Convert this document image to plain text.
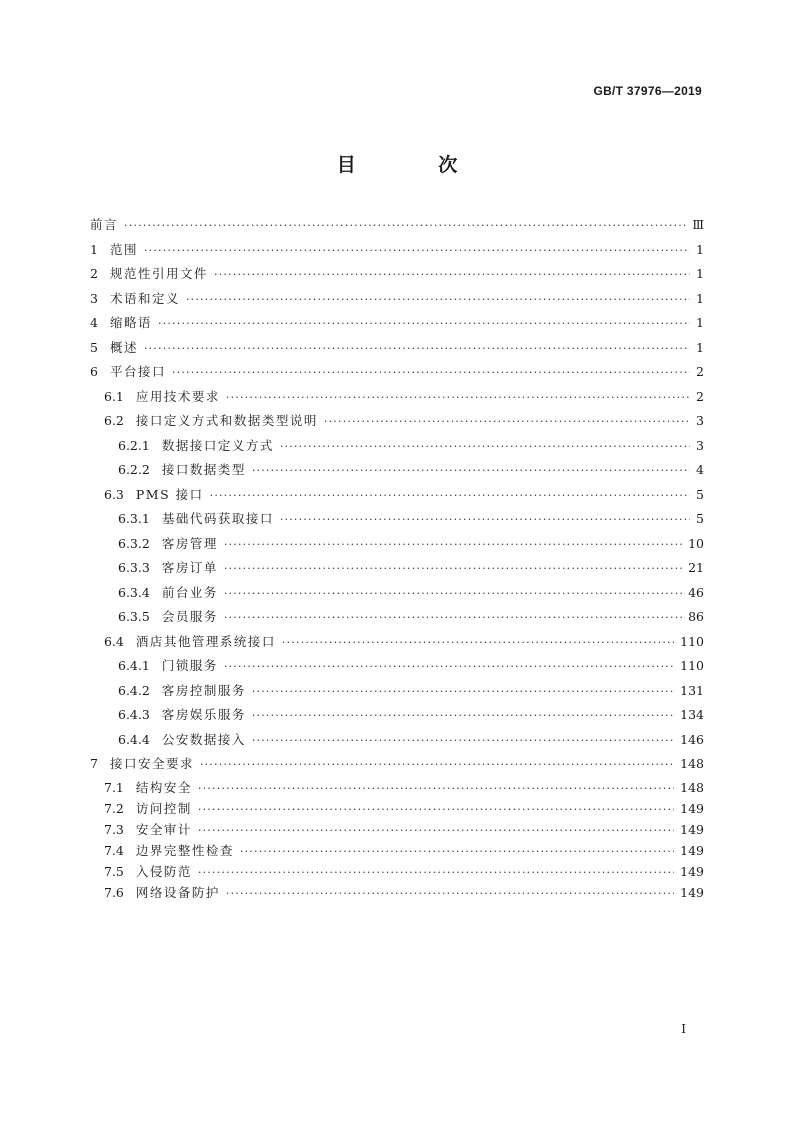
GB/T 37976—2019
目 次
前言 ·····	Ⅲ
1 范围 ·····	1
2 规范性引用文件 ·····	1
3 术语和定义 ·····	1
4 缩略语 ·····	1
5 概述 ·····	1
6 平台接口 ·····	2
6.1 应用技术要求 ·····	2
6.2 接口定义方式和数据类型说明 ·····	3
6.2.1 数据接口定义方式 ·····	3
6.2.2 接口数据类型 ·····	4
6.3 PMS 接口 ·····	5
6.3.1 基础代码获取接口 ·····	5
6.3.2 客房管理 ·····	10
6.3.3 客房订单 ·····	21
6.3.4 前台业务 ·····	46
6.3.5 会员服务 ·····	86
6.4 酒店其他管理系统接口 ·····	110
6.4.1 门锁服务 ·····	110
6.4.2 客房控制服务 ·····	131
6.4.3 客房娱乐服务 ·····	134
6.4.4 公安数据接入 ·····	146
7 接口安全要求 ·····	148
7.1 结构安全 ·····	148
7.2 访问控制 ·····	149
7.3 安全审计 ·····	149
7.4 边界完整性检查 ·····	149
7.5 入侵防范 ·····	149
7.6 网络设备防护 ·····	149
I
